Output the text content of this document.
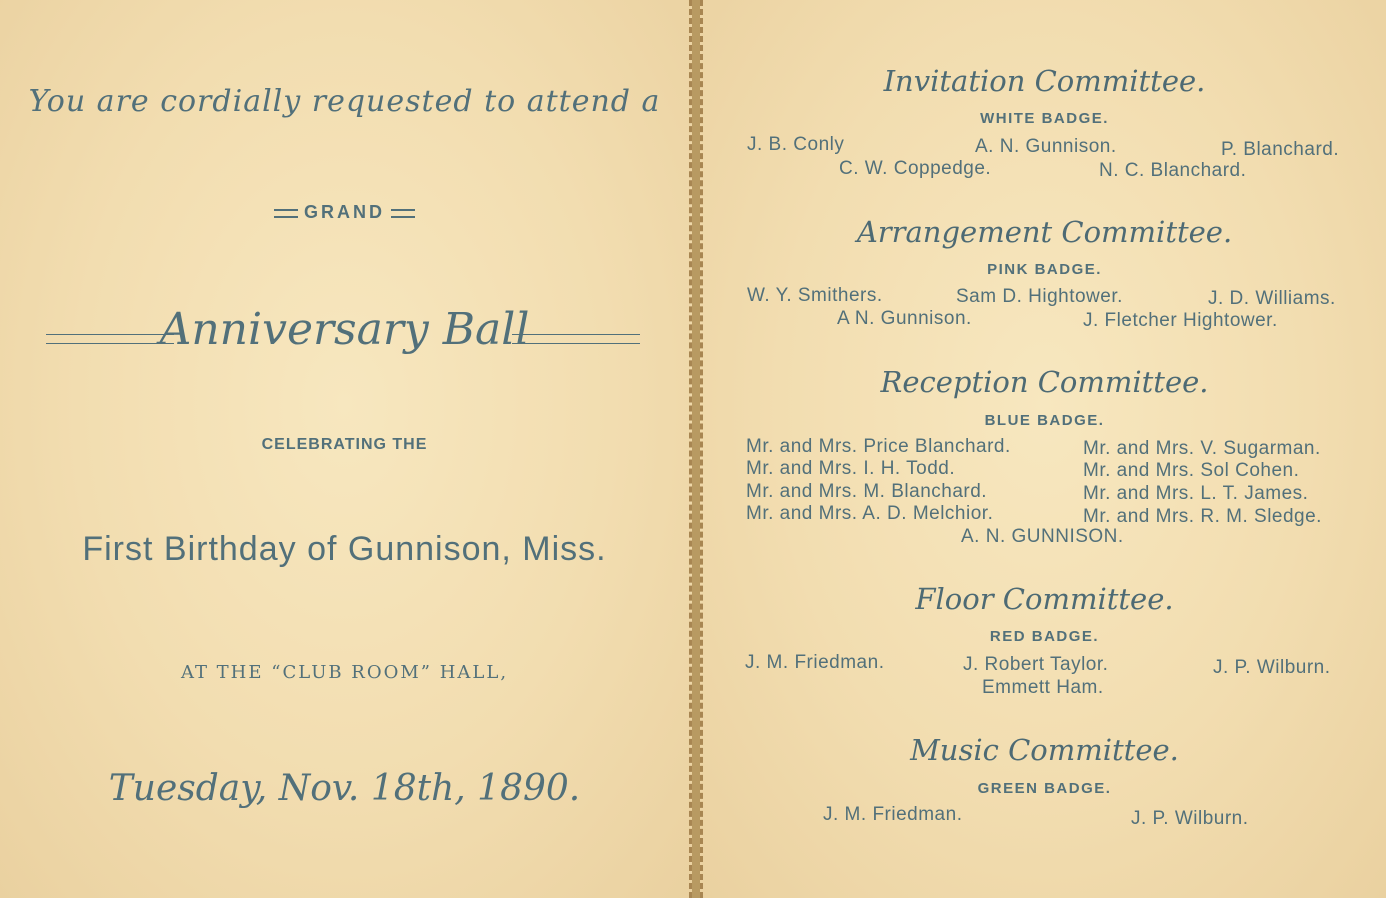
You are cordially requested to attend a
GRAND
Anniversary Ball
CELEBRATING THE
First Birthday of Gunnison, Miss.
AT THE “CLUB ROOM” HALL,
Tuesday, Nov. 18th, 1890.
Invitation Committee.
WHITE BADGE.
J. B. Conly	A. N. Gunnison.	P. Blanchard.
C. W. Coppedge.	N. C. Blanchard.
Arrangement Committee.
PINK BADGE.
W. Y. Smithers.	Sam D. Hightower.	J. D. Williams.
A N. Gunnison.	J. Fletcher Hightower.
Reception Committee.
BLUE BADGE.
Mr. and Mrs. Price Blanchard.	Mr. and Mrs. V. Sugarman.
Mr. and Mrs. I. H. Todd.	Mr. and Mrs. Sol Cohen.
Mr. and Mrs. M. Blanchard.	Mr. and Mrs. L. T. James.
Mr. and Mrs. A. D. Melchior.	Mr. and Mrs. R. M. Sledge.
A. N. GUNNISON.
Floor Committee.
RED BADGE.
J. M. Friedman.	J. Robert Taylor.	J. P. Wilburn.
Emmett Ham.
Music Committee.
GREEN BADGE.
J. M. Friedman.	J. P. Wilburn.
